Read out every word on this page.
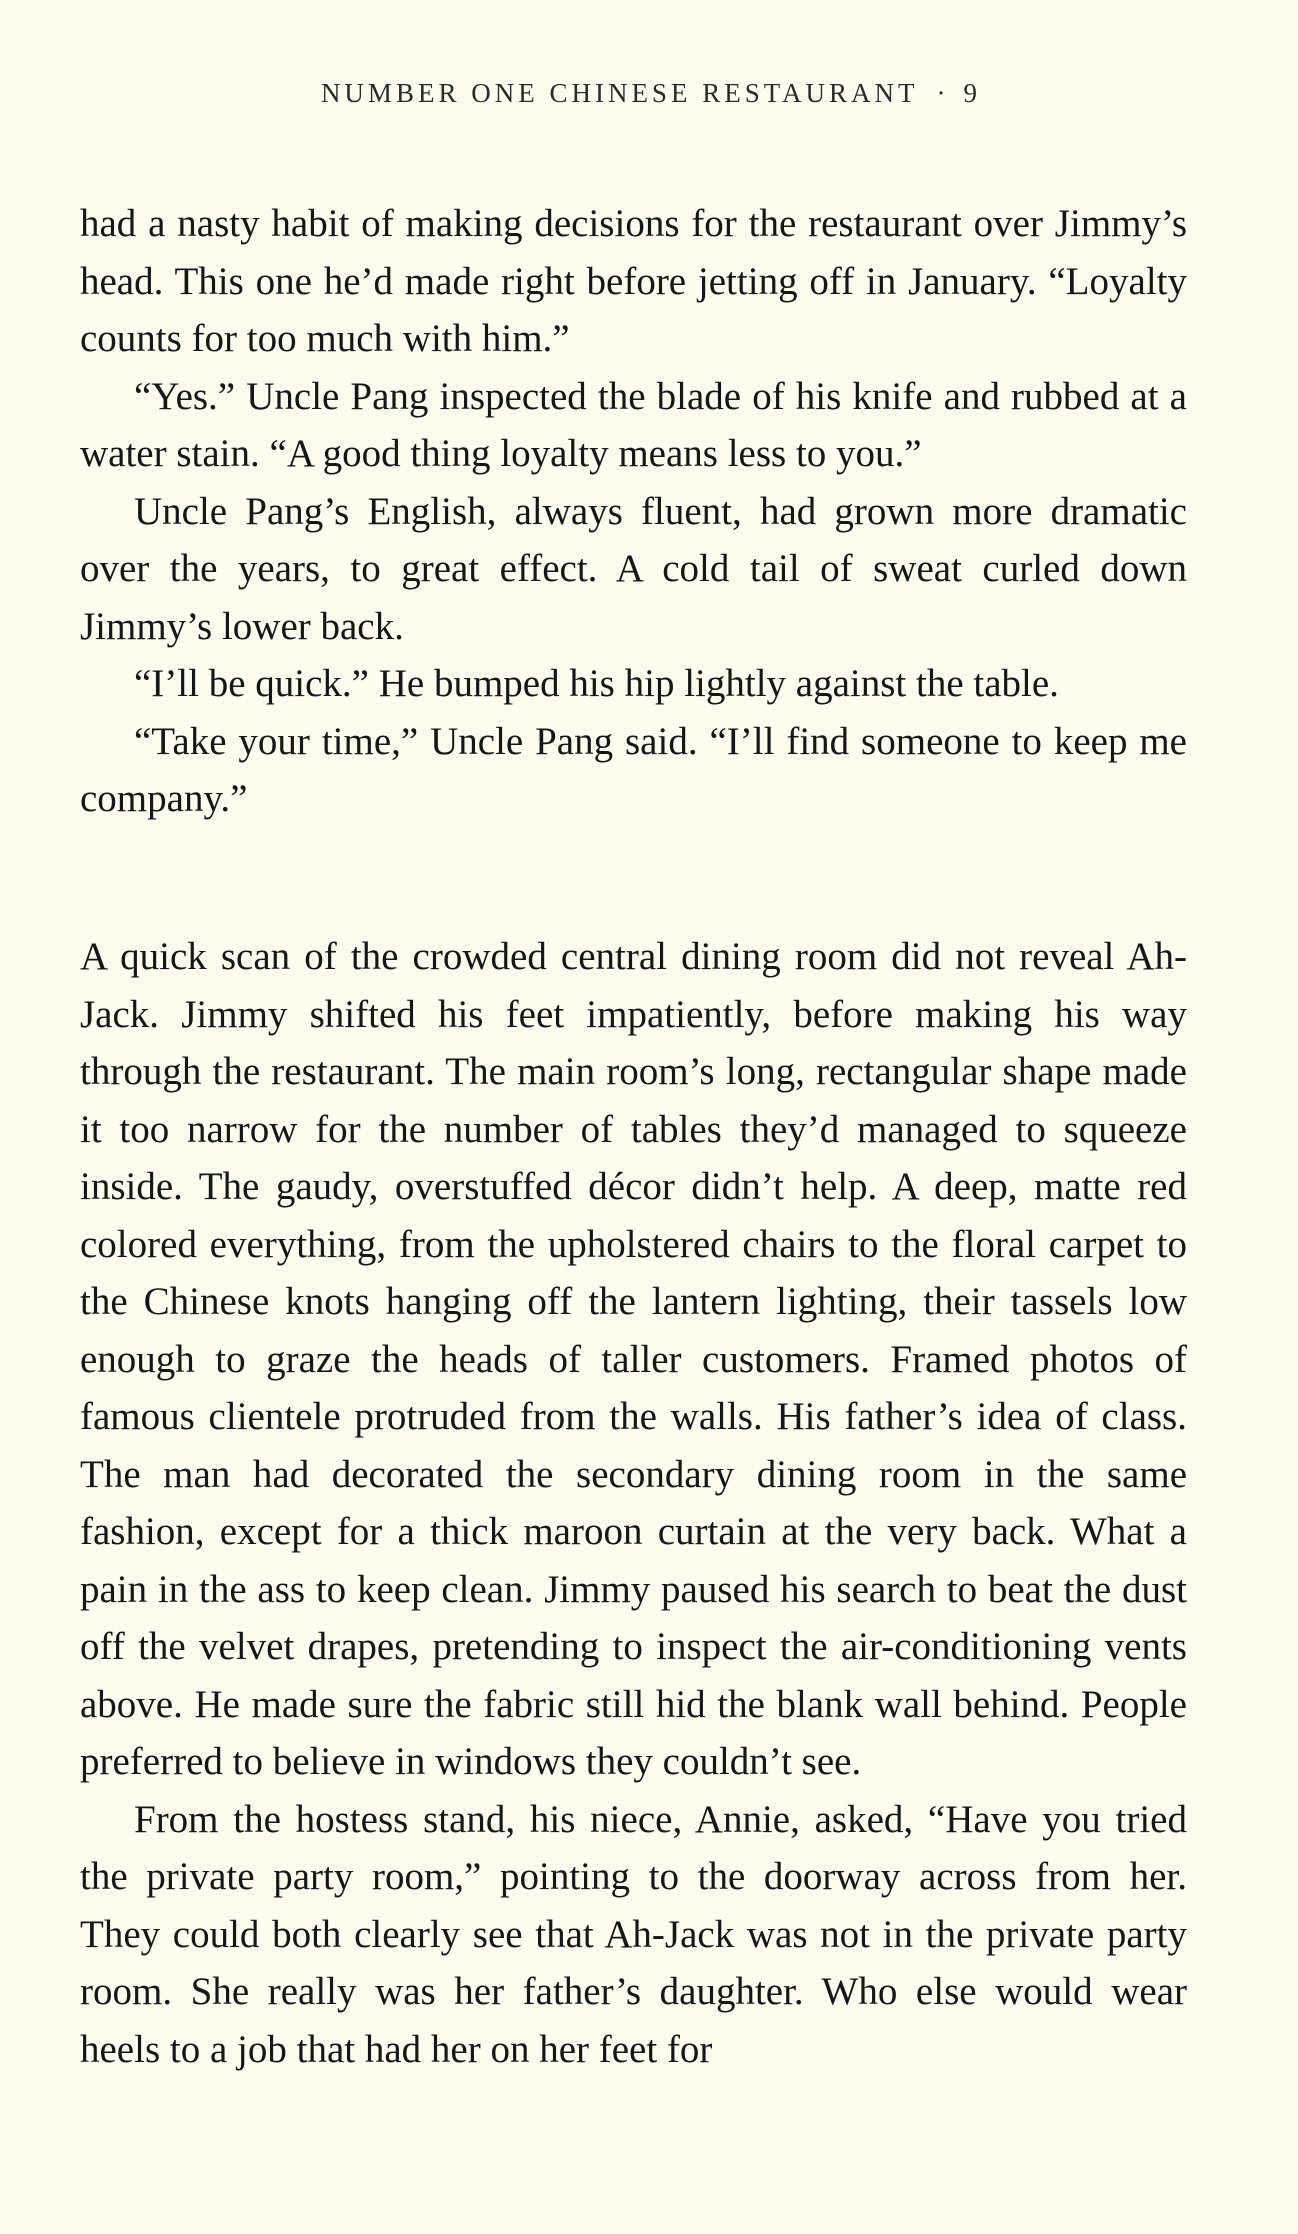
NUMBER ONE CHINESE RESTAURANT · 9

had a nasty habit of making decisions for the restaurant over Jimmy’s head. This one he’d made right before jetting off in January. “Loyalty counts for too much with him.”

“Yes.” Uncle Pang inspected the blade of his knife and rubbed at a water stain. “A good thing loyalty means less to you.”

Uncle Pang’s English, always fluent, had grown more dramatic over the years, to great effect. A cold tail of sweat curled down Jimmy’s lower back.

“I’ll be quick.” He bumped his hip lightly against the table.

“Take your time,” Uncle Pang said. “I’ll find someone to keep me company.”

A quick scan of the crowded central dining room did not reveal Ah-Jack. Jimmy shifted his feet impatiently, before making his way through the restaurant. The main room’s long, rectangular shape made it too narrow for the number of tables they’d managed to squeeze inside. The gaudy, overstuffed décor didn’t help. A deep, matte red colored everything, from the upholstered chairs to the floral carpet to the Chinese knots hanging off the lantern lighting, their tassels low enough to graze the heads of taller customers. Framed photos of famous clientele protruded from the walls. His father’s idea of class. The man had decorated the secondary dining room in the same fashion, except for a thick maroon curtain at the very back. What a pain in the ass to keep clean. Jimmy paused his search to beat the dust off the velvet drapes, pretending to inspect the air-conditioning vents above. He made sure the fabric still hid the blank wall behind. People preferred to believe in windows they couldn’t see.

From the hostess stand, his niece, Annie, asked, “Have you tried the private party room,” pointing to the doorway across from her. They could both clearly see that Ah-Jack was not in the private party room. She really was her father’s daughter. Who else would wear heels to a job that had her on her feet for
